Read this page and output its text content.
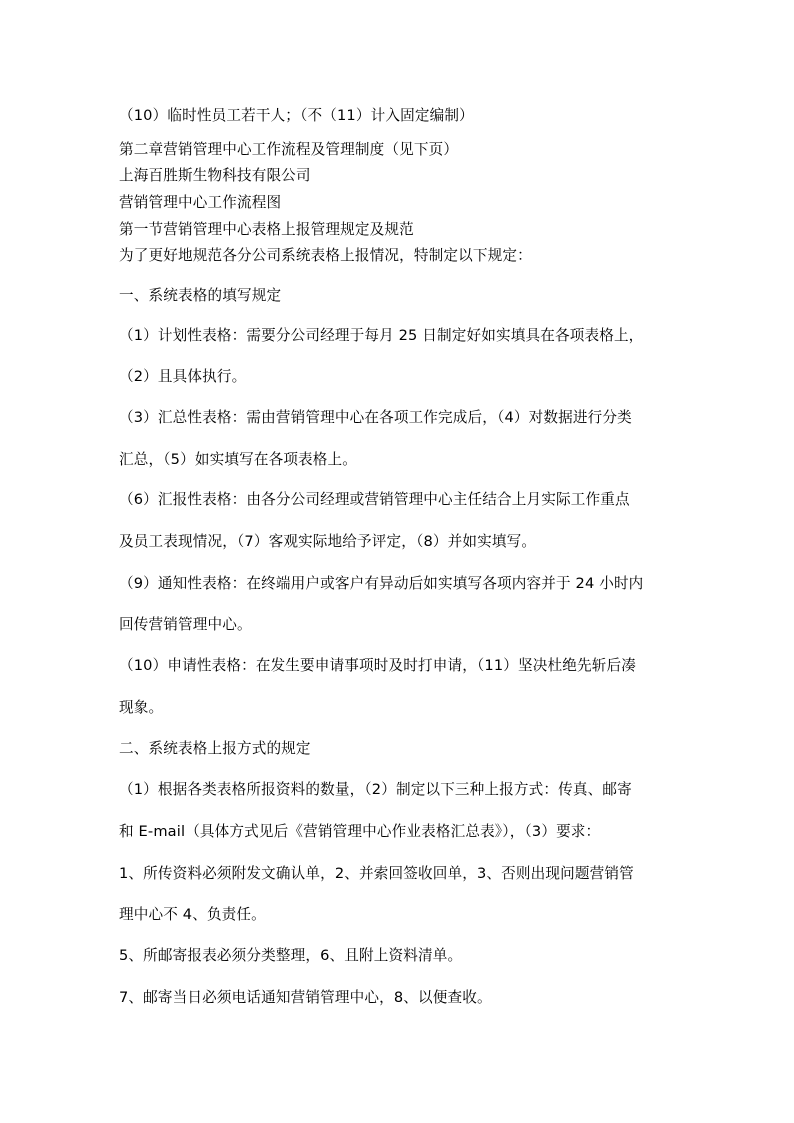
（10）临时性员工若干人；（不（11）计入固定编制）
第二章营销管理中心工作流程及管理制度（见下页）
上海百胜斯生物科技有限公司
营销管理中心工作流程图
第一节营销管理中心表格上报管理规定及规范
为了更好地规范各分公司系统表格上报情况，特制定以下规定：
一、系统表格的填写规定
（1）计划性表格：需要分公司经理于每月 25 日制定好如实填具在各项表格上，
（2）且具体执行。
（3）汇总性表格：需由营销管理中心在各项工作完成后，（4）对数据进行分类
汇总，（5）如实填写在各项表格上。
（6）汇报性表格：由各分公司经理或营销管理中心主任结合上月实际工作重点
及员工表现情况，（7）客观实际地给予评定，（8）并如实填写。
（9）通知性表格：在终端用户或客户有异动后如实填写各项内容并于 24 小时内
回传营销管理中心。
（10）申请性表格：在发生要申请事项时及时打申请，（11）坚决杜绝先斩后凑
现象。
二、系统表格上报方式的规定
（1）根据各类表格所报资料的数量，（2）制定以下三种上报方式：传真、邮寄
和 E-mail（具体方式见后《营销管理中心作业表格汇总表》），（3）要求：
1、所传资料必须附发文确认单，2、并索回签收回单，3、否则出现问题营销管
理中心不 4、负责任。
5、所邮寄报表必须分类整理，6、且附上资料清单。
7、邮寄当日必须电话通知营销管理中心，8、以便查收。
